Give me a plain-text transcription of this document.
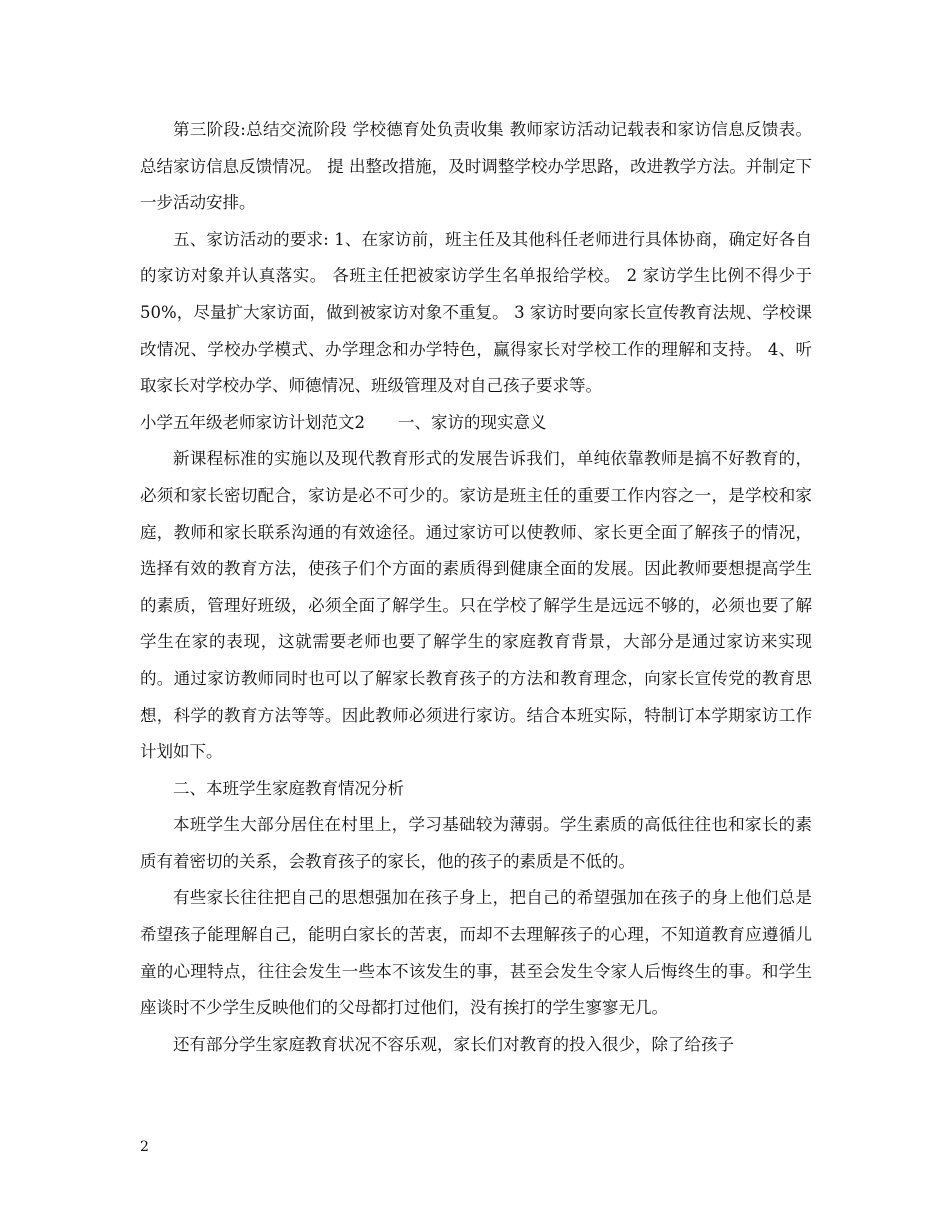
第三阶段:总结交流阶段 学校德育处负责收集 教师家访活动记载表和家访信息反馈表。 总结家访信息反馈情况。 提 出整改措施，及时调整学校办学思路，改进教学方法。并制定下一步活动安排。

五、家访活动的要求: 1、在家访前，班主任及其他科任老师进行具体协商，确定好各自的家访对象并认真落实。 各班主任把被家访学生名单报给学校。 2 家访学生比例不得少于 50%，尽量扩大家访面，做到被家访对象不重复。 3 家访时要向家长宣传教育法规、学校课改情况、学校办学模式、办学理念和办学特色，赢得家长对学校工作的理解和支持。 4、听取家长对学校办学、师德情况、班级管理及对自己孩子要求等。

小学五年级老师家访计划范文2　　一、家访的现实意义

新课程标准的实施以及现代教育形式的发展告诉我们，单纯依靠教师是搞不好教育的，必须和家长密切配合，家访是必不可少的。家访是班主任的重要工作内容之一，是学校和家庭，教师和家长联系沟通的有效途径。通过家访可以使教师、家长更全面了解孩子的情况，选择有效的教育方法，使孩子们个方面的素质得到健康全面的发展。因此教师要想提高学生的素质，管理好班级，必须全面了解学生。只在学校了解学生是远远不够的，必须也要了解学生在家的表现，这就需要老师也要了解学生的家庭教育背景，大部分是通过家访来实现的。通过家访教师同时也可以了解家长教育孩子的方法和教育理念，向家长宣传党的教育思想，科学的教育方法等等。因此教师必须进行家访。结合本班实际，特制订本学期家访工作计划如下。

二、本班学生家庭教育情况分析

本班学生大部分居住在村里上，学习基础较为薄弱。学生素质的高低往往也和家长的素质有着密切的关系，会教育孩子的家长，他的孩子的素质是不低的。

有些家长往往把自己的思想强加在孩子身上，把自己的希望强加在孩子的身上他们总是希望孩子能理解自己，能明白家长的苦衷，而却不去理解孩子的心理，不知道教育应遵循儿童的心理特点，往往会发生一些本不该发生的事，甚至会发生令家人后悔终生的事。和学生座谈时不少学生反映他们的父母都打过他们，没有挨打的学生寥寥无几。

还有部分学生家庭教育状况不容乐观，家长们对教育的投入很少，除了给孩子

2
